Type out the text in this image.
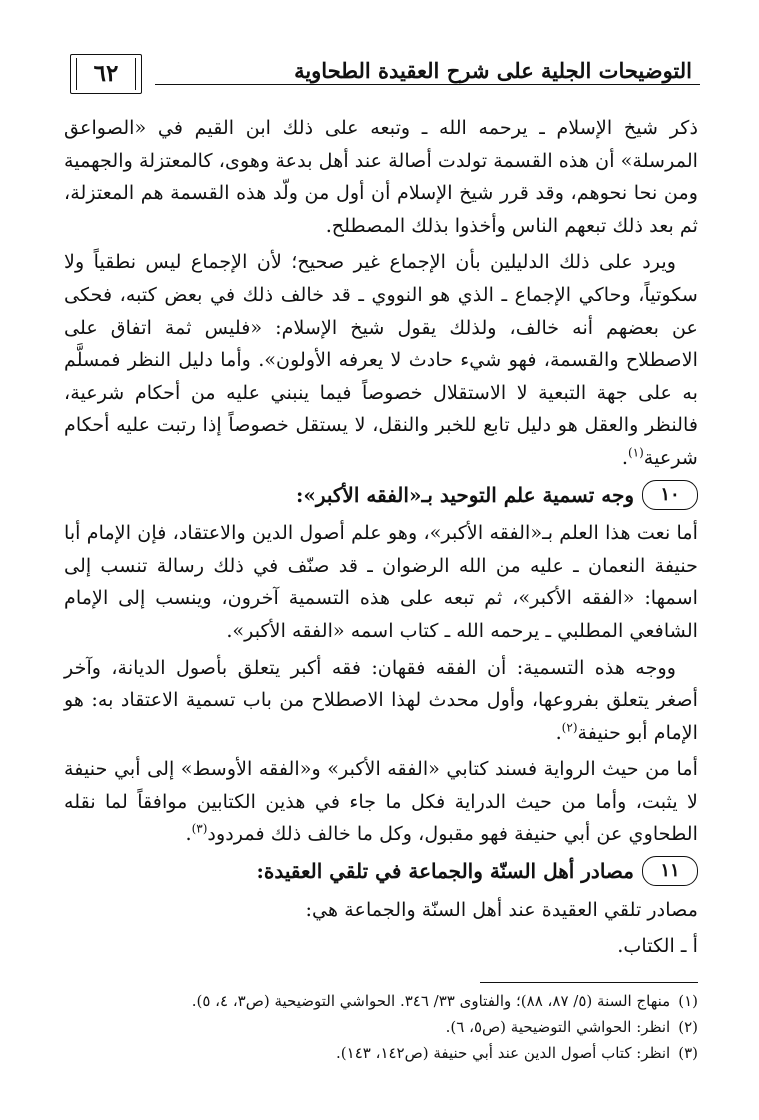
التوضيحات الجلية على شرح العقيدة الطحاوية
٦٢

ذكر شيخ الإسلام ـ يرحمه الله ـ وتبعه على ذلك ابن القيم في «الصواعق المرسلة» أن هذه القسمة تولدت أصالة عند أهل بدعة وهوى، كالمعتزلة والجهمية ومن نحا نحوهم، وقد قرر شيخ الإسلام أن أول من ولّد هذه القسمة هم المعتزلة، ثم بعد ذلك تبعهم الناس وأخذوا بذلك المصطلح.

ويرد على ذلك الدليلين بأن الإجماع غير صحيح؛ لأن الإجماع ليس نطقياً ولا سكوتياً، وحاكي الإجماع ـ الذي هو النووي ـ قد خالف ذلك في بعض كتبه، فحكى عن بعضهم أنه خالف، ولذلك يقول شيخ الإسلام: «فليس ثمة اتفاق على الاصطلاح والقسمة، فهو شيء حادث لا يعرفه الأولون». وأما دليل النظر فمسلَّم به على جهة التبعية لا الاستقلال خصوصاً فيما ينبني عليه من أحكام شرعية، فالنظر والعقل هو دليل تابع للخبر والنقل، لا يستقل خصوصاً إذا رتبت عليه أحكام شرعية$^{(١)}$.

١٠
وجه تسمية علم التوحيد بـ«الفقه الأكبر»:

أما نعت هذا العلم بـ«الفقه الأكبر»، وهو علم أصول الدين والاعتقاد، فإن الإمام أبا حنيفة النعمان ـ عليه من الله الرضوان ـ قد صنّف في ذلك رسالة تنسب إلى اسمها: «الفقه الأكبر»، ثم تبعه على هذه التسمية آخرون، وينسب إلى الإمام الشافعي المطلبي ـ يرحمه الله ـ كتاب اسمه «الفقه الأكبر».

ووجه هذه التسمية: أن الفقه فقهان: فقه أكبر يتعلق بأصول الديانة، وآخر أصغر يتعلق بفروعها، وأول محدث لهذا الاصطلاح من باب تسمية الاعتقاد به: هو الإمام أبو حنيفة$^{(٢)}$.

أما من حيث الرواية فسند كتابي «الفقه الأكبر» و«الفقه الأوسط» إلى أبي حنيفة لا يثبت، وأما من حيث الدراية فكل ما جاء في هذين الكتابين موافقاً لما نقله الطحاوي عن أبي حنيفة فهو مقبول، وكل ما خالف ذلك فمردود$^{(٣)}$.

١١
مصادر أهل السنّة والجماعة في تلقي العقيدة:

مصادر تلقي العقيدة عند أهل السنّة والجماعة هي:

أ ـ الكتاب.

(١)
منهاج السنة (٥/ ٨٧، ٨٨)؛ والفتاوى ٣٣/ ٣٤٦. الحواشي التوضيحية (ص٣، ٤، ٥).
(٢)
انظر: الحواشي التوضيحية (ص٥، ٦).
(٣)
انظر: كتاب أصول الدين عند أبي حنيفة (ص١٤٢، ١٤٣).
